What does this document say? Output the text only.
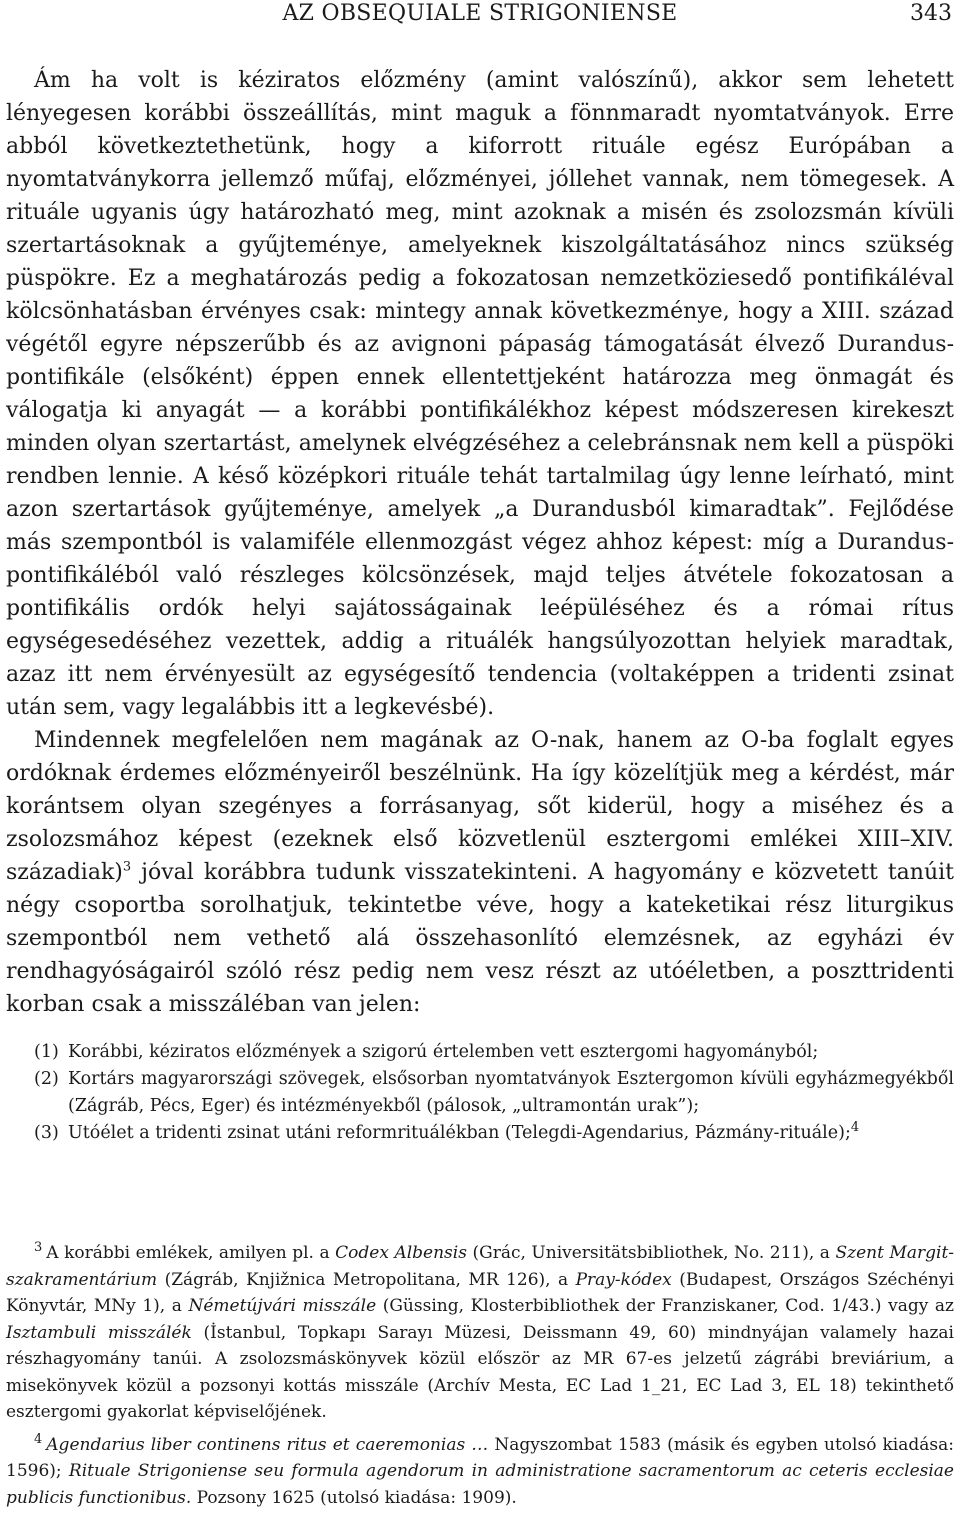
AZ OBSEQUIALE STRIGONIENSE	343

Ám ha volt is kéziratos előzmény (amint valószínű), akkor sem lehetett lényegesen korábbi összeállítás, mint maguk a fönnmaradt nyomtatványok. Erre abból következtethetünk, hogy a kiforrott rituále egész Európában a nyomtatványkorra jellemző műfaj, előzményei, jóllehet vannak, nem tömegesek. A rituále ugyanis úgy határozható meg, mint azoknak a misén és zsolozsmán kívüli szertartásoknak a gyűjteménye, amelyeknek kiszolgáltatásához nincs szükség püspökre. Ez a meghatározás pedig a fokozatosan nemzetköziesedő pontifikáléval kölcsönhatásban érvényes csak: mintegy annak következménye, hogy a XIII. század végétől egyre népszerűbb és az avignoni pápaság támogatását élvező Durandus-pontifikále (elsőként) éppen ennek ellentettjeként határozza meg önmagát és válogatja ki anyagát — a korábbi pontifikálékhoz képest módszeresen kirekeszt minden olyan szertartást, amelynek elvégzéséhez a celebránsnak nem kell a püspöki rendben lennie. A késő középkori rituále tehát tartalmilag úgy lenne leírható, mint azon szertartások gyűjteménye, amelyek „a Durandusból kimaradtak”. Fejlődése más szempontból is valamiféle ellenmozgást végez ahhoz képest: míg a Durandus-pontifikáléból való részleges kölcsönzések, majd teljes átvétele fokozatosan a pontifikális ordók helyi sajátosságainak leépüléséhez és a római rítus egységesedéséhez vezettek, addig a rituálék hangsúlyozottan helyiek maradtak, azaz itt nem érvényesült az egységesítő tendencia (voltaképpen a tridenti zsinat után sem, vagy legalábbis itt a legkevésbé).

Mindennek megfelelően nem magának az O-nak, hanem az O-ba foglalt egyes ordóknak érdemes előzményeiről beszélnünk. Ha így közelítjük meg a kérdést, már korántsem olyan szegényes a forrásanyag, sőt kiderül, hogy a miséhez és a zsolozsmához képest (ezeknek első közvetlenül esztergomi emlékei XIII–XIV. századiak)$^3$ jóval korábbra tudunk visszatekinteni. A hagyomány e közvetett tanúit négy csoportba sorolhatjuk, tekintetbe véve, hogy a kateketikai rész liturgikus szempontból nem vethető alá összehasonlító elemzésnek, az egyházi év rendhagyóságairól szóló rész pedig nem vesz részt az utóéletben, a poszttridenti korban csak a misszáléban van jelen:

(1) Korábbi, kéziratos előzmények a szigorú értelemben vett esztergomi hagyományból;
(2) Kortárs magyarországi szövegek, elsősorban nyomtatványok Esztergomon kívüli egyházmegyékből (Zágráb, Pécs, Eger) és intézményekből (pálosok, „ultramontán urak”);
(3) Utóélet a tridenti zsinat utáni reformrituálékban (Telegdi-Agendarius, Pázmány-rituále);$^4$

$^3$ A korábbi emlékek, amilyen pl. a Codex Albensis (Grác, Universitätsbibliothek, No. 211), a Szent Margit-szakramentárium (Zágráb, Knjižnica Metropolitana, MR 126), a Pray-kódex (Budapest, Országos Széchényi Könyvtár, MNy 1), a Németújvári misszále (Güssing, Klosterbibliothek der Franziskaner, Cod. 1/43.) vagy az Isztambuli misszálék (İstanbul, Topkapı Sarayı Müzesi, Deissmann 49, 60) mindnyájan valamely hazai részhagyomány tanúi. A zsolozsmáskönyvek közül először az MR 67-es jelzetű zágrábi breviárium, a misekönyvek közül a pozsonyi kottás misszále (Archív Mesta, EC Lad 1_21, EC Lad 3, EL 18) tekinthető esztergomi gyakorlat képviselőjének.

$^4$ Agendarius liber continens ritus et caeremonias … Nagyszombat 1583 (másik és egyben utolsó kiadása: 1596); Rituale Strigoniense seu formula agendorum in administratione sacramentorum ac ceteris ecclesiae publicis functionibus. Pozsony 1625 (utolsó kiadása: 1909).
